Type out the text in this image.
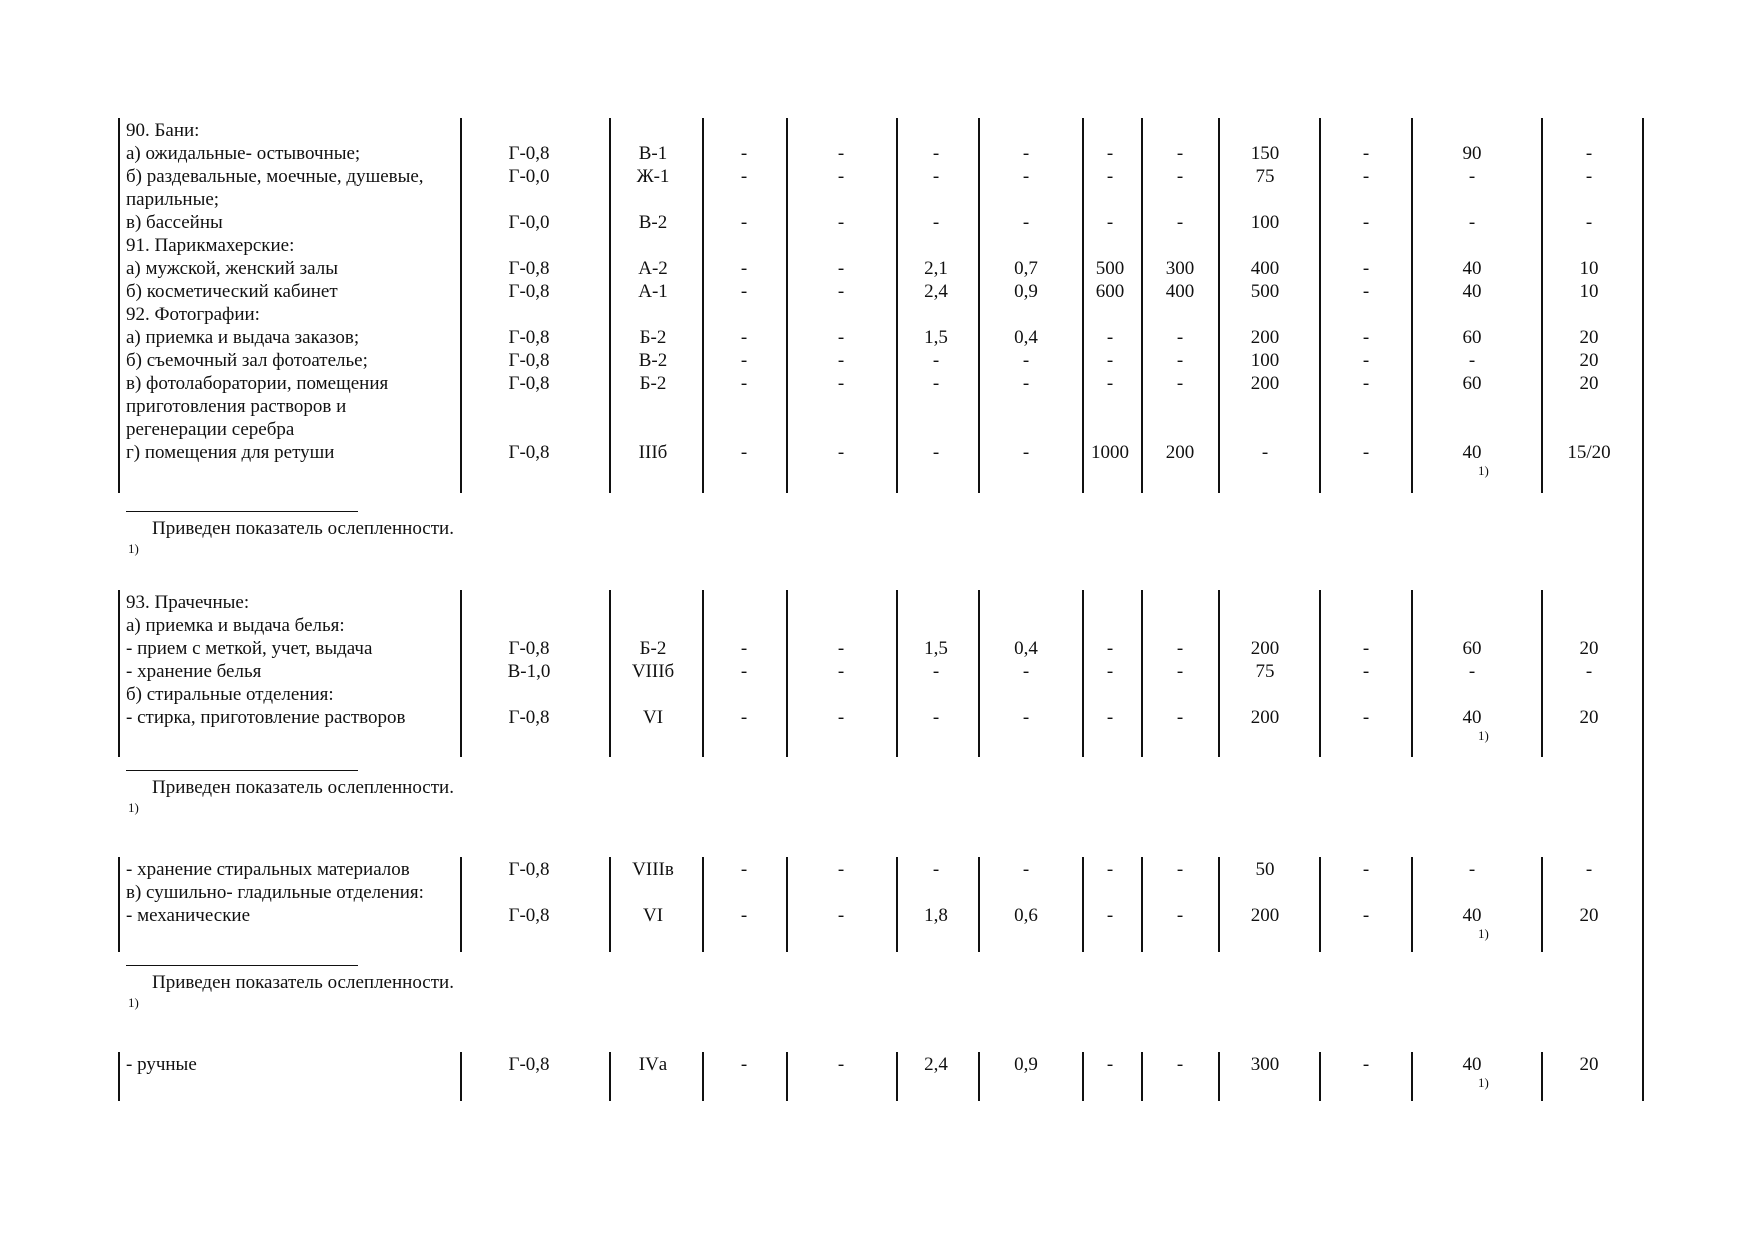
90. Бани:
а) ожидальные- остывочные;	Г-0,8	В-1	-	-	-	-	-	-	150	-	90	-
б) раздевальные, моечные, душевые,	Г-0,0	Ж-1	-	-	-	-	-	-	75	-	-	-
парильные;
в) бассейны	Г-0,0	В-2	-	-	-	-	-	-	100	-	-	-
91. Парикмахерские:
а) мужской, женский залы	Г-0,8	А-2	-	-	2,1	0,7	500	300	400	-	40	10
б) косметический кабинет	Г-0,8	А-1	-	-	2,4	0,9	600	400	500	-	40	10
92. Фотографии:
а) приемка и выдача заказов;	Г-0,8	Б-2	-	-	1,5	0,4	-	-	200	-	60	20
б) съемочный зал фотоателье;	Г-0,8	В-2	-	-	-	-	-	-	100	-	-	20
в) фотолаборатории, помещения	Г-0,8	Б-2	-	-	-	-	-	-	200	-	60	20
приготовления растворов и
регенерации серебра
г) помещения для ретуши	Г-0,8	IIIб	-	-	-	-	1000	200	-	-	40	15/20
1)
Приведен показатель ослепленности.
1)
93. Прачечные:
а) приемка и выдача белья:
- прием с меткой, учет, выдача	Г-0,8	Б-2	-	-	1,5	0,4	-	-	200	-	60	20
- хранение белья	В-1,0	VIIIб	-	-	-	-	-	-	75	-	-	-
б) стиральные отделения:
- стирка, приготовление растворов	Г-0,8	VI	-	-	-	-	-	-	200	-	40	20
1)
Приведен показатель ослепленности.
1)
- хранение стиральных материалов	Г-0,8	VIIIв	-	-	-	-	-	-	50	-	-	-
в) сушильно- гладильные отделения:
- механические	Г-0,8	VI	-	-	1,8	0,6	-	-	200	-	40	20
1)
Приведен показатель ослепленности.
1)
- ручные	Г-0,8	IVа	-	-	2,4	0,9	-	-	300	-	40	20
1)
